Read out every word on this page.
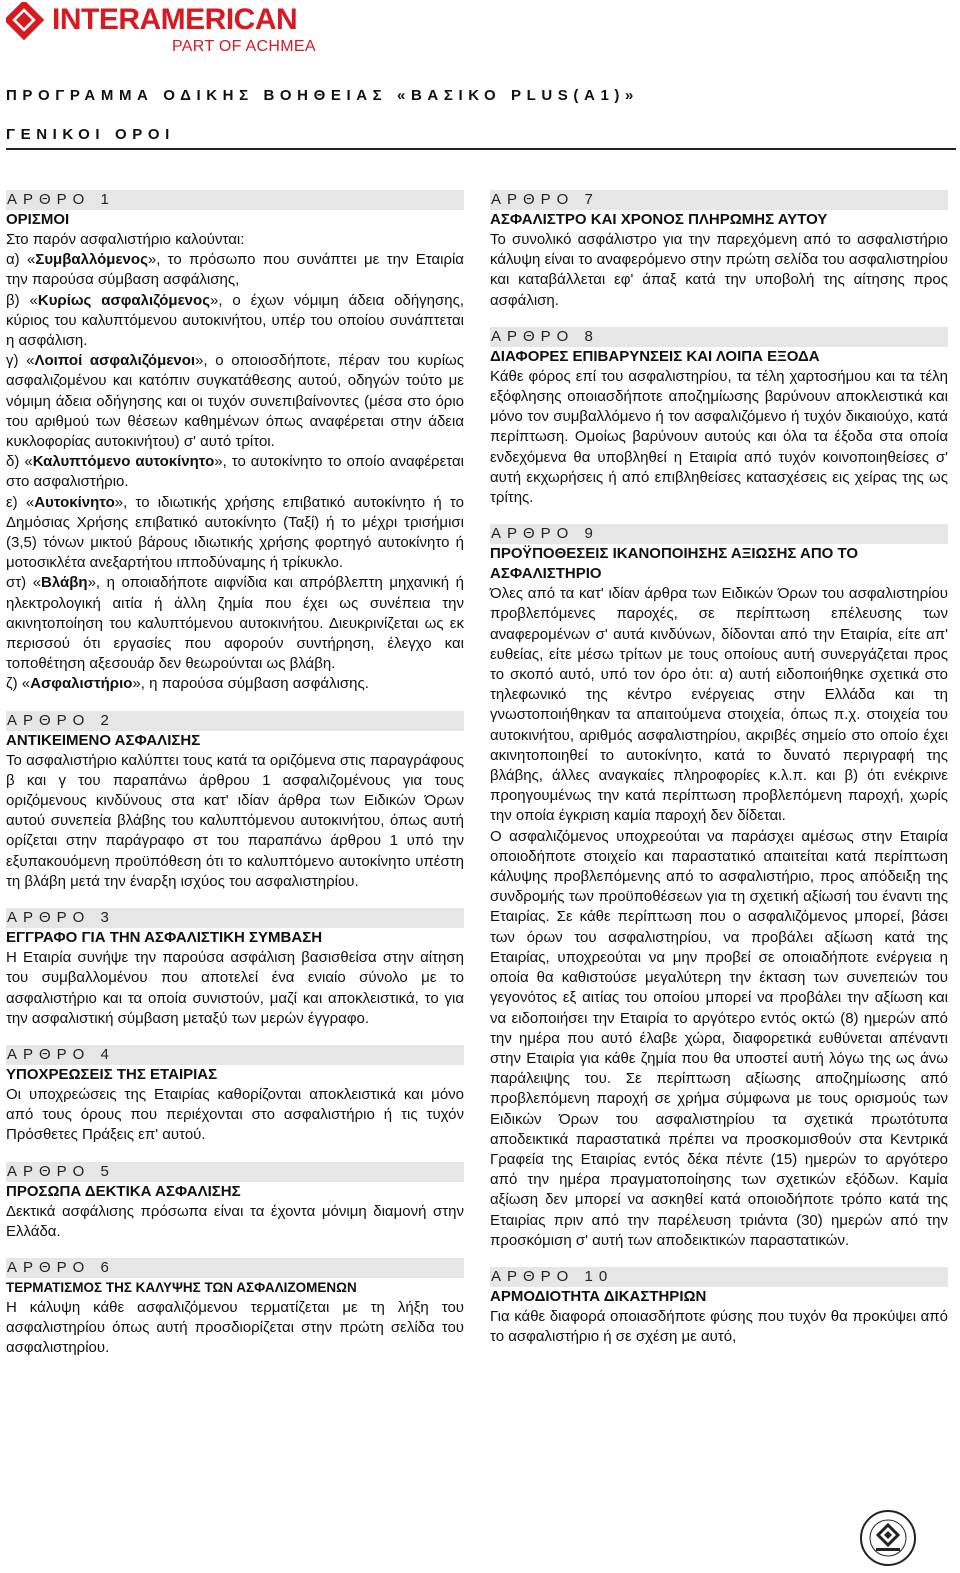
INTERAMERICAN
PART OF ACHMEA
ΠΡΟΓΡΑΜΜΑ ΟΔΙΚΗΣ ΒΟΗΘΕΙΑΣ «ΒΑΣΙΚΟ PLUS(Α1)»
ΓΕΝΙΚΟΙ ΟΡΟΙ
ΑΡΘΡΟ 1
ΟΡΙΣΜΟΙ

Στο παρόν ασφαλιστήριο καλούνται:

α) «Συμβαλλόμενος», το πρόσωπο που συνάπτει με την Εταιρία την παρούσα σύμβαση ασφάλισης,

β) «Κυρίως ασφαλιζόμενος», ο έχων νόμιμη άδεια οδήγησης, κύριος του καλυπτόμενου αυτοκινήτου, υπέρ του οποίου συνάπτεται η ασφάλιση.

γ) «Λοιποί ασφαλιζόμενοι», ο οποιοσδήποτε, πέραν του κυρίως ασφαλιζομένου και κατόπιν συγκατάθεσης αυτού, οδηγών τούτο με νόμιμη άδεια οδήγησης και οι τυχόν συνεπιβαίνοντες (μέσα στο όριο του αριθμού των θέσεων καθημένων όπως αναφέρεται στην άδεια κυκλοφορίας αυτοκινήτου) σ' αυτό τρίτοι.

δ) «Καλυπτόμενο αυτοκίνητο», το αυτοκίνητο το οποίο αναφέρεται στο ασφαλιστήριο.

ε) «Αυτοκίνητο», το ιδιωτικής χρήσης επιβατικό αυτοκίνητο ή το Δημόσιας Χρήσης επιβατικό αυτοκίνητο (Ταξί) ή το μέχρι τρισήμισι (3,5) τόνων μικτού βάρους ιδιωτικής χρήσης φορτηγό αυτοκίνητο ή μοτοσικλέτα ανεξαρτήτου ιπποδύναμης ή τρίκυκλο.

στ) «Βλάβη», η οποιαδήποτε αιφνίδια και απρόβλεπτη μηχανική ή ηλεκτρολογική αιτία ή άλλη ζημία που έχει ως συνέπεια την ακινητοποίηση του καλυπτόμενου αυτοκινήτου. Διευκρινίζεται ως εκ περισσού ότι εργασίες που αφορούν συντήρηση, έλεγχο και τοποθέτηση αξεσουάρ δεν θεωρούνται ως βλάβη.

ζ) «Ασφαλιστήριο», η παρούσα σύμβαση ασφάλισης.

ΑΡΘΡΟ 2
ΑΝΤΙΚΕΙΜΕΝΟ ΑΣΦΑΛΙΣΗΣ

Το ασφαλιστήριο καλύπτει τους κατά τα οριζόμενα στις παραγράφους β και γ του παραπάνω άρθρου 1 ασφαλιζομένους για τους οριζόμενους κινδύνους στα κατ' ιδίαν άρθρα των Ειδικών Όρων αυτού συνεπεία βλάβης του καλυπτόμενου αυτοκινήτου, όπως αυτή ορίζεται στην παράγραφο στ του παραπάνω άρθρου 1 υπό την εξυπακουόμενη προϋπόθεση ότι το καλυπτόμενο αυτοκίνητο υπέστη τη βλάβη μετά την έναρξη ισχύος του ασφαλιστηρίου.

ΑΡΘΡΟ 3
ΕΓΓΡΑΦΟ ΓΙΑ ΤΗΝ ΑΣΦΑΛΙΣΤΙΚΗ ΣΥΜΒΑΣΗ

Η Εταιρία συνήψε την παρούσα ασφάλιση βασισθείσα στην αίτηση του συμβαλλομένου που αποτελεί ένα ενιαίο σύνολο με το ασφαλιστήριο και τα οποία συνιστούν, μαζί και αποκλειστικά, το για την ασφαλιστική σύμβαση μεταξύ των μερών έγγραφο.

ΑΡΘΡΟ 4
ΥΠΟΧΡΕΩΣΕΙΣ ΤΗΣ ΕΤΑΙΡΙΑΣ

Οι υποχρεώσεις της Εταιρίας καθορίζονται αποκλειστικά και μόνο από τους όρους που περιέχονται στο ασφαλιστήριο ή τις τυχόν Πρόσθετες Πράξεις επ' αυτού.

ΑΡΘΡΟ 5
ΠΡΟΣΩΠΑ ΔΕΚΤΙΚΑ ΑΣΦΑΛΙΣΗΣ

Δεκτικά ασφάλισης πρόσωπα είναι τα έχοντα μόνιμη διαμονή στην Ελλάδα.

ΑΡΘΡΟ 6
ΤΕΡΜΑΤΙΣΜΟΣ ΤΗΣ ΚΑΛΥΨΗΣ ΤΩΝ ΑΣΦΑΛΙΖΟΜΕΝΩΝ

Η κάλυψη κάθε ασφαλιζόμενου τερματίζεται με τη λήξη του ασφαλιστηρίου όπως αυτή προσδιορίζεται στην πρώτη σελίδα του ασφαλιστηρίου.

ΑΡΘΡΟ 7
ΑΣΦΑΛΙΣΤΡΟ ΚΑΙ ΧΡΟΝΟΣ ΠΛΗΡΩΜΗΣ ΑΥΤΟΥ

Το συνολικό ασφάλιστρο για την παρεχόμενη από το ασφαλιστήριο κάλυψη είναι το αναφερόμενο στην πρώτη σελίδα του ασφαλιστηρίου και καταβάλλεται εφ' άπαξ κατά την υποβολή της αίτησης προς ασφάλιση.

ΑΡΘΡΟ 8
ΔΙΑΦΟΡΕΣ ΕΠΙΒΑΡΥΝΣΕΙΣ ΚΑΙ ΛΟΙΠΑ ΕΞΟΔΑ

Κάθε φόρος επί του ασφαλιστηρίου, τα τέλη χαρτοσήμου και τα τέλη εξόφλησης οποιασδήποτε αποζημίωσης βαρύνουν αποκλειστικά και μόνο τον συμβαλλόμενο ή τον ασφαλιζόμενο ή τυχόν δικαιούχο, κατά περίπτωση. Ομοίως βαρύνουν αυτούς και όλα τα έξοδα στα οποία ενδεχόμενα θα υποβληθεί η Εταιρία από τυχόν κοινοποιηθείσες σ' αυτή εκχωρήσεις ή από επιβληθείσες κατασχέσεις εις χείρας της ως τρίτης.

ΑΡΘΡΟ 9
ΠΡΟΫΠΟΘΕΣΕΙΣ ΙΚΑΝΟΠΟΙΗΣΗΣ ΑΞΙΩΣΗΣ ΑΠΟ ΤΟ ΑΣΦΑΛΙΣΤΗΡΙΟ

Όλες από τα κατ' ιδίαν άρθρα των Ειδικών Όρων του ασφαλιστηρίου προβλεπόμενες παροχές, σε περίπτωση επέλευσης των αναφερομένων σ' αυτά κινδύνων, δίδονται από την Εταιρία, είτε απ' ευθείας, είτε μέσω τρίτων με τους οποίους αυτή συνεργάζεται προς το σκοπό αυτό, υπό τον όρο ότι: α) αυτή ειδοποιήθηκε σχετικά στο τηλεφωνικό της κέντρο ενέργειας στην Ελλάδα και τη γνωστοποιήθηκαν τα απαιτούμενα στοιχεία, όπως π.χ. στοιχεία του αυτοκινήτου, αριθμός ασφαλιστηρίου, ακριβές σημείο στο οποίο έχει ακινητοποιηθεί το αυτοκίνητο, κατά το δυνατό περιγραφή της βλάβης, άλλες αναγκαίες πληροφορίες κ.λ.π. και β) ότι ενέκρινε προηγουμένως την κατά περίπτωση προβλεπόμενη παροχή, χωρίς την οποία έγκριση καμία παροχή δεν δίδεται.

Ο ασφαλιζόμενος υποχρεούται να παράσχει αμέσως στην Εταιρία οποιοδήποτε στοιχείο και παραστατικό απαιτείται κατά περίπτωση κάλυψης προβλεπόμενης από το ασφαλιστήριο, προς απόδειξη της συνδρομής των προϋποθέσεων για τη σχετική αξίωσή του έναντι της Εταιρίας. Σε κάθε περίπτωση που ο ασφαλιζόμενος μπορεί, βάσει των όρων του ασφαλιστηρίου, να προβάλει αξίωση κατά της Εταιρίας, υποχρεούται να μην προβεί σε οποιαδήποτε ενέργεια η οποία θα καθιστούσε μεγαλύτερη την έκταση των συνεπειών του γεγονότος εξ αιτίας του οποίου μπορεί να προβάλει την αξίωση και να ειδοποιήσει την Εταιρία το αργότερο εντός οκτώ (8) ημερών από την ημέρα που αυτό έλαβε χώρα, διαφορετικά ευθύνεται απέναντι στην Εταιρία για κάθε ζημία που θα υποστεί αυτή λόγω της ως άνω παράλειψης του. Σε περίπτωση αξίωσης αποζημίωσης από προβλεπόμενη παροχή σε χρήμα σύμφωνα με τους ορισμούς των Ειδικών Όρων του ασφαλιστηρίου τα σχετικά πρωτότυπα αποδεικτικά παραστατικά πρέπει να προσκομισθούν στα Κεντρικά Γραφεία της Εταιρίας εντός δέκα πέντε (15) ημερών το αργότερο από την ημέρα πραγματοποίησης των σχετικών εξόδων. Καμία αξίωση δεν μπορεί να ασκηθεί κατά οποιοδήποτε τρόπο κατά της Εταιρίας πριν από την παρέλευση τριάντα (30) ημερών από την προσκόμιση σ' αυτή των αποδεικτικών παραστατικών.

ΑΡΘΡΟ 10
ΑΡΜΟΔΙΟΤΗΤΑ ΔΙΚΑΣΤΗΡΙΩΝ

Για κάθε διαφορά οποιασδήποτε φύσης που τυχόν θα προκύψει από το ασφαλιστήριο ή σε σχέση με αυτό,
